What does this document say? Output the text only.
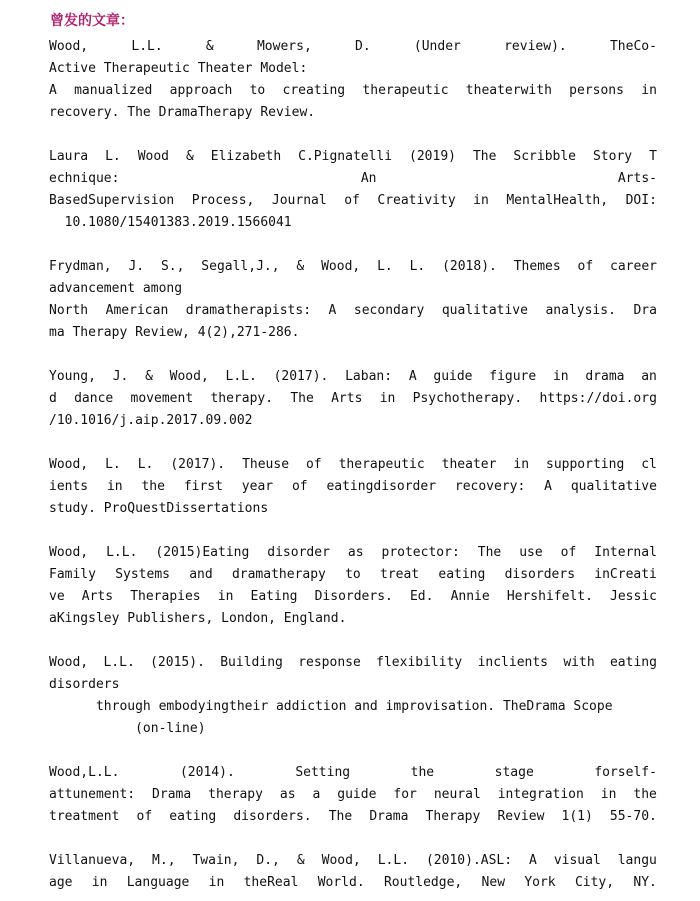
曾发的文章：
Wood,	L.L.	&	Mowers,	D.	(Under	review).	TheCo-
Active Therapeutic Theater Model:
A manualized approach to creating therapeutic theaterwith persons in
recovery. The DramaTherapy Review.
Laura L. Wood & Elizabeth C.Pignatelli (2019) The Scribble Story T
echnique:	An	Arts-
BasedSupervision Process, Journal of Creativity in MentalHealth, DOI:
10.1080/15401383.2019.1566041
Frydman, J. S., Segall,J., & Wood, L. L. (2018). Themes of career
advancement among
North American dramatherapists: A secondary qualitative analysis. Dra
ma Therapy Review, 4(2),271-286.
Young, J. & Wood, L.L. (2017). Laban: A guide figure in drama an
d dance movement therapy. The Arts in Psychotherapy. https://doi.org
/10.1016/j.aip.2017.09.002
Wood, L. L. (2017). Theuse of therapeutic theater in supporting cl
ients in the first year of eatingdisorder recovery: A qualitative
study. ProQuestDissertations
Wood, L.L. (2015)Eating disorder as protector: The use of Internal
Family Systems and dramatherapy to treat eating disorders inCreati
ve Arts Therapies in Eating Disorders. Ed. Annie Hershifelt. Jessic
aKingsley Publishers, London, England.
Wood, L.L. (2015). Building response flexibility inclients with eating
disorders
through embodyingtheir addiction and improvisation. TheDrama Scope
(on-line)
Wood,L.L.	(2014).	Setting	the	stage	forself-
attunement: Drama therapy as a guide for neural integration in the
treatment of eating disorders. The Drama Therapy Review 1(1) 55-70.
Villanueva, M., Twain, D., & Wood, L.L. (2010).ASL: A visual langu
age in Language in theReal World. Routledge, New York City, NY.
